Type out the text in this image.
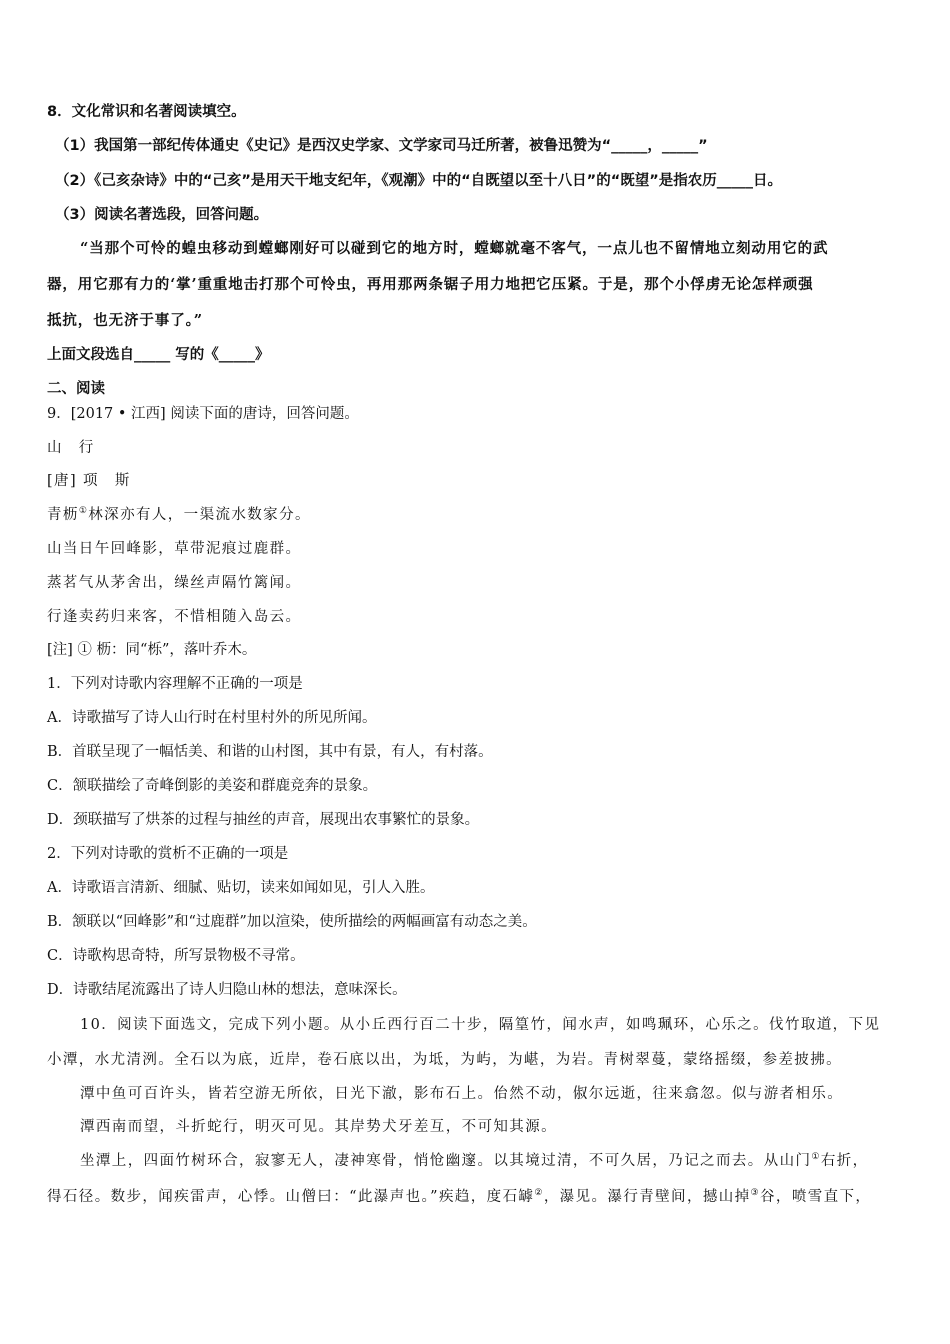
8．文化常识和名著阅读填空。
（1）我国第一部纪传体通史《史记》是西汉史学家、文学家司马迁所著，被鲁迅赞为“_____，_____”
（2）《己亥杂诗》中的“己亥”是用天干地支纪年，《观潮》中的“自既望以至十八日”的“既望”是指农历_____日。
（3）阅读名著选段，回答问题。
“当那个可怜的蝗虫移动到螳螂刚好可以碰到它的地方时，螳螂就毫不客气，一点儿也不留情地立刻动用它的武
器，用它那有力的‘掌’重重地击打那个可怜虫，再用那两条锯子用力地把它压紧。于是，那个小俘虏无论怎样顽强
抵抗，也无济于事了。”
上面文段选自_____ 写的《_____》
二、阅读
9．[2017 • 江西] 阅读下面的唐诗，回答问题。
山　行
[唐] 项　斯
青枥①林深亦有人，一渠流水数家分。
山当日午回峰影，草带泥痕过鹿群。
蒸茗气从茅舍出，缲丝声隔竹篱闻。
行逢卖药归来客，不惜相随入岛云。
[注] ① 枥：同“栎”，落叶乔木。
1．下列对诗歌内容理解不正确的一项是
A．诗歌描写了诗人山行时在村里村外的所见所闻。
B．首联呈现了一幅恬美、和谐的山村图，其中有景，有人，有村落。
C．颔联描绘了奇峰倒影的美姿和群鹿竞奔的景象。
D．颈联描写了烘茶的过程与抽丝的声音，展现出农事繁忙的景象。
2．下列对诗歌的赏析不正确的一项是
A．诗歌语言清新、细腻、贴切，读来如闻如见，引人入胜。
B．颔联以“回峰影”和“过鹿群”加以渲染，使所描绘的两幅画富有动态之美。
C．诗歌构思奇特，所写景物极不寻常。
D．诗歌结尾流露出了诗人归隐山林的想法，意味深长。
10．阅读下面选文，完成下列小题。从小丘西行百二十步，隔篁竹，闻水声，如鸣珮环，心乐之。伐竹取道，下见
小潭，水尤清洌。全石以为底，近岸，卷石底以出，为坻，为屿，为嵁，为岩。青树翠蔓，蒙络摇缀，参差披拂。
潭中鱼可百许头，皆若空游无所依，日光下澈，影布石上。佁然不动，俶尔远逝，往来翕忽。似与游者相乐。
潭西南而望，斗折蛇行，明灭可见。其岸势犬牙差互，不可知其源。
坐潭上，四面竹树环合，寂寥无人，凄神寒骨，悄怆幽邃。以其境过清，不可久居，乃记之而去。从山门①右折，
得石径。数步，闻疾雷声，心悸。山僧曰：“此瀑声也。”疾趋，度石罅②，瀑见。瀑行青壁间，撼山掉③谷，喷雪直下，
